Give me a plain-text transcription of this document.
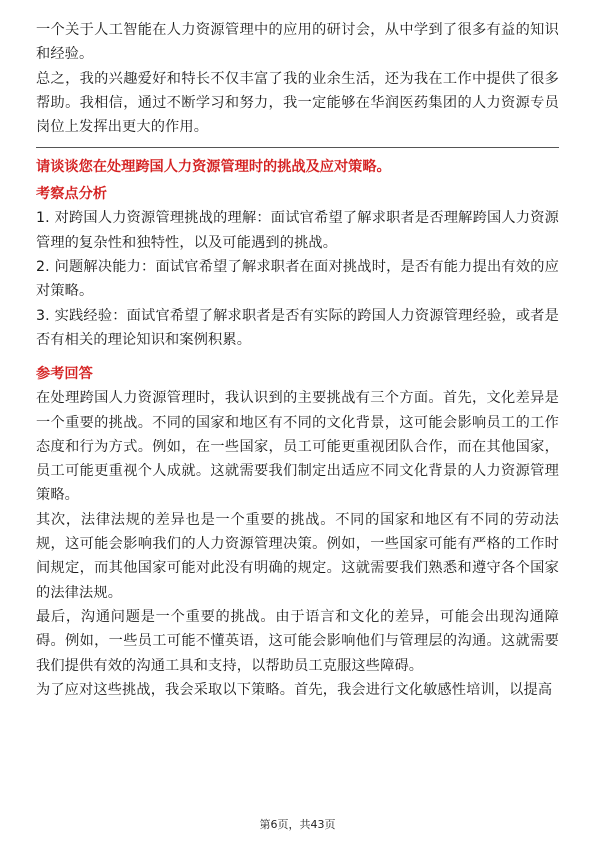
一个关于人工智能在人力资源管理中的应用的研讨会，从中学到了很多有益的知识和经验。

总之，我的兴趣爱好和特长不仅丰富了我的业余生活，还为我在工作中提供了很多帮助。我相信，通过不断学习和努力，我一定能够在华润医药集团的人力资源专员岗位上发挥出更大的作用。

请谈谈您在处理跨国人力资源管理时的挑战及应对策略。

考察点分析

1. 对跨国人力资源管理挑战的理解：面试官希望了解求职者是否理解跨国人力资源管理的复杂性和独特性，以及可能遇到的挑战。

2. 问题解决能力：面试官希望了解求职者在面对挑战时，是否有能力提出有效的应对策略。

3. 实践经验：面试官希望了解求职者是否有实际的跨国人力资源管理经验，或者是否有相关的理论知识和案例积累。

参考回答

在处理跨国人力资源管理时，我认识到的主要挑战有三个方面。首先，文化差异是一个重要的挑战。不同的国家和地区有不同的文化背景，这可能会影响员工的工作态度和行为方式。例如，在一些国家，员工可能更重视团队合作，而在其他国家，员工可能更重视个人成就。这就需要我们制定出适应不同文化背景的人力资源管理策略。

其次，法律法规的差异也是一个重要的挑战。不同的国家和地区有不同的劳动法规，这可能会影响我们的人力资源管理决策。例如，一些国家可能有严格的工作时间规定，而其他国家可能对此没有明确的规定。这就需要我们熟悉和遵守各个国家的法律法规。

最后，沟通问题是一个重要的挑战。由于语言和文化的差异，可能会出现沟通障碍。例如，一些员工可能不懂英语，这可能会影响他们与管理层的沟通。这就需要我们提供有效的沟通工具和支持，以帮助员工克服这些障碍。

为了应对这些挑战，我会采取以下策略。首先，我会进行文化敏感性培训，以提高

第6页，共43页
